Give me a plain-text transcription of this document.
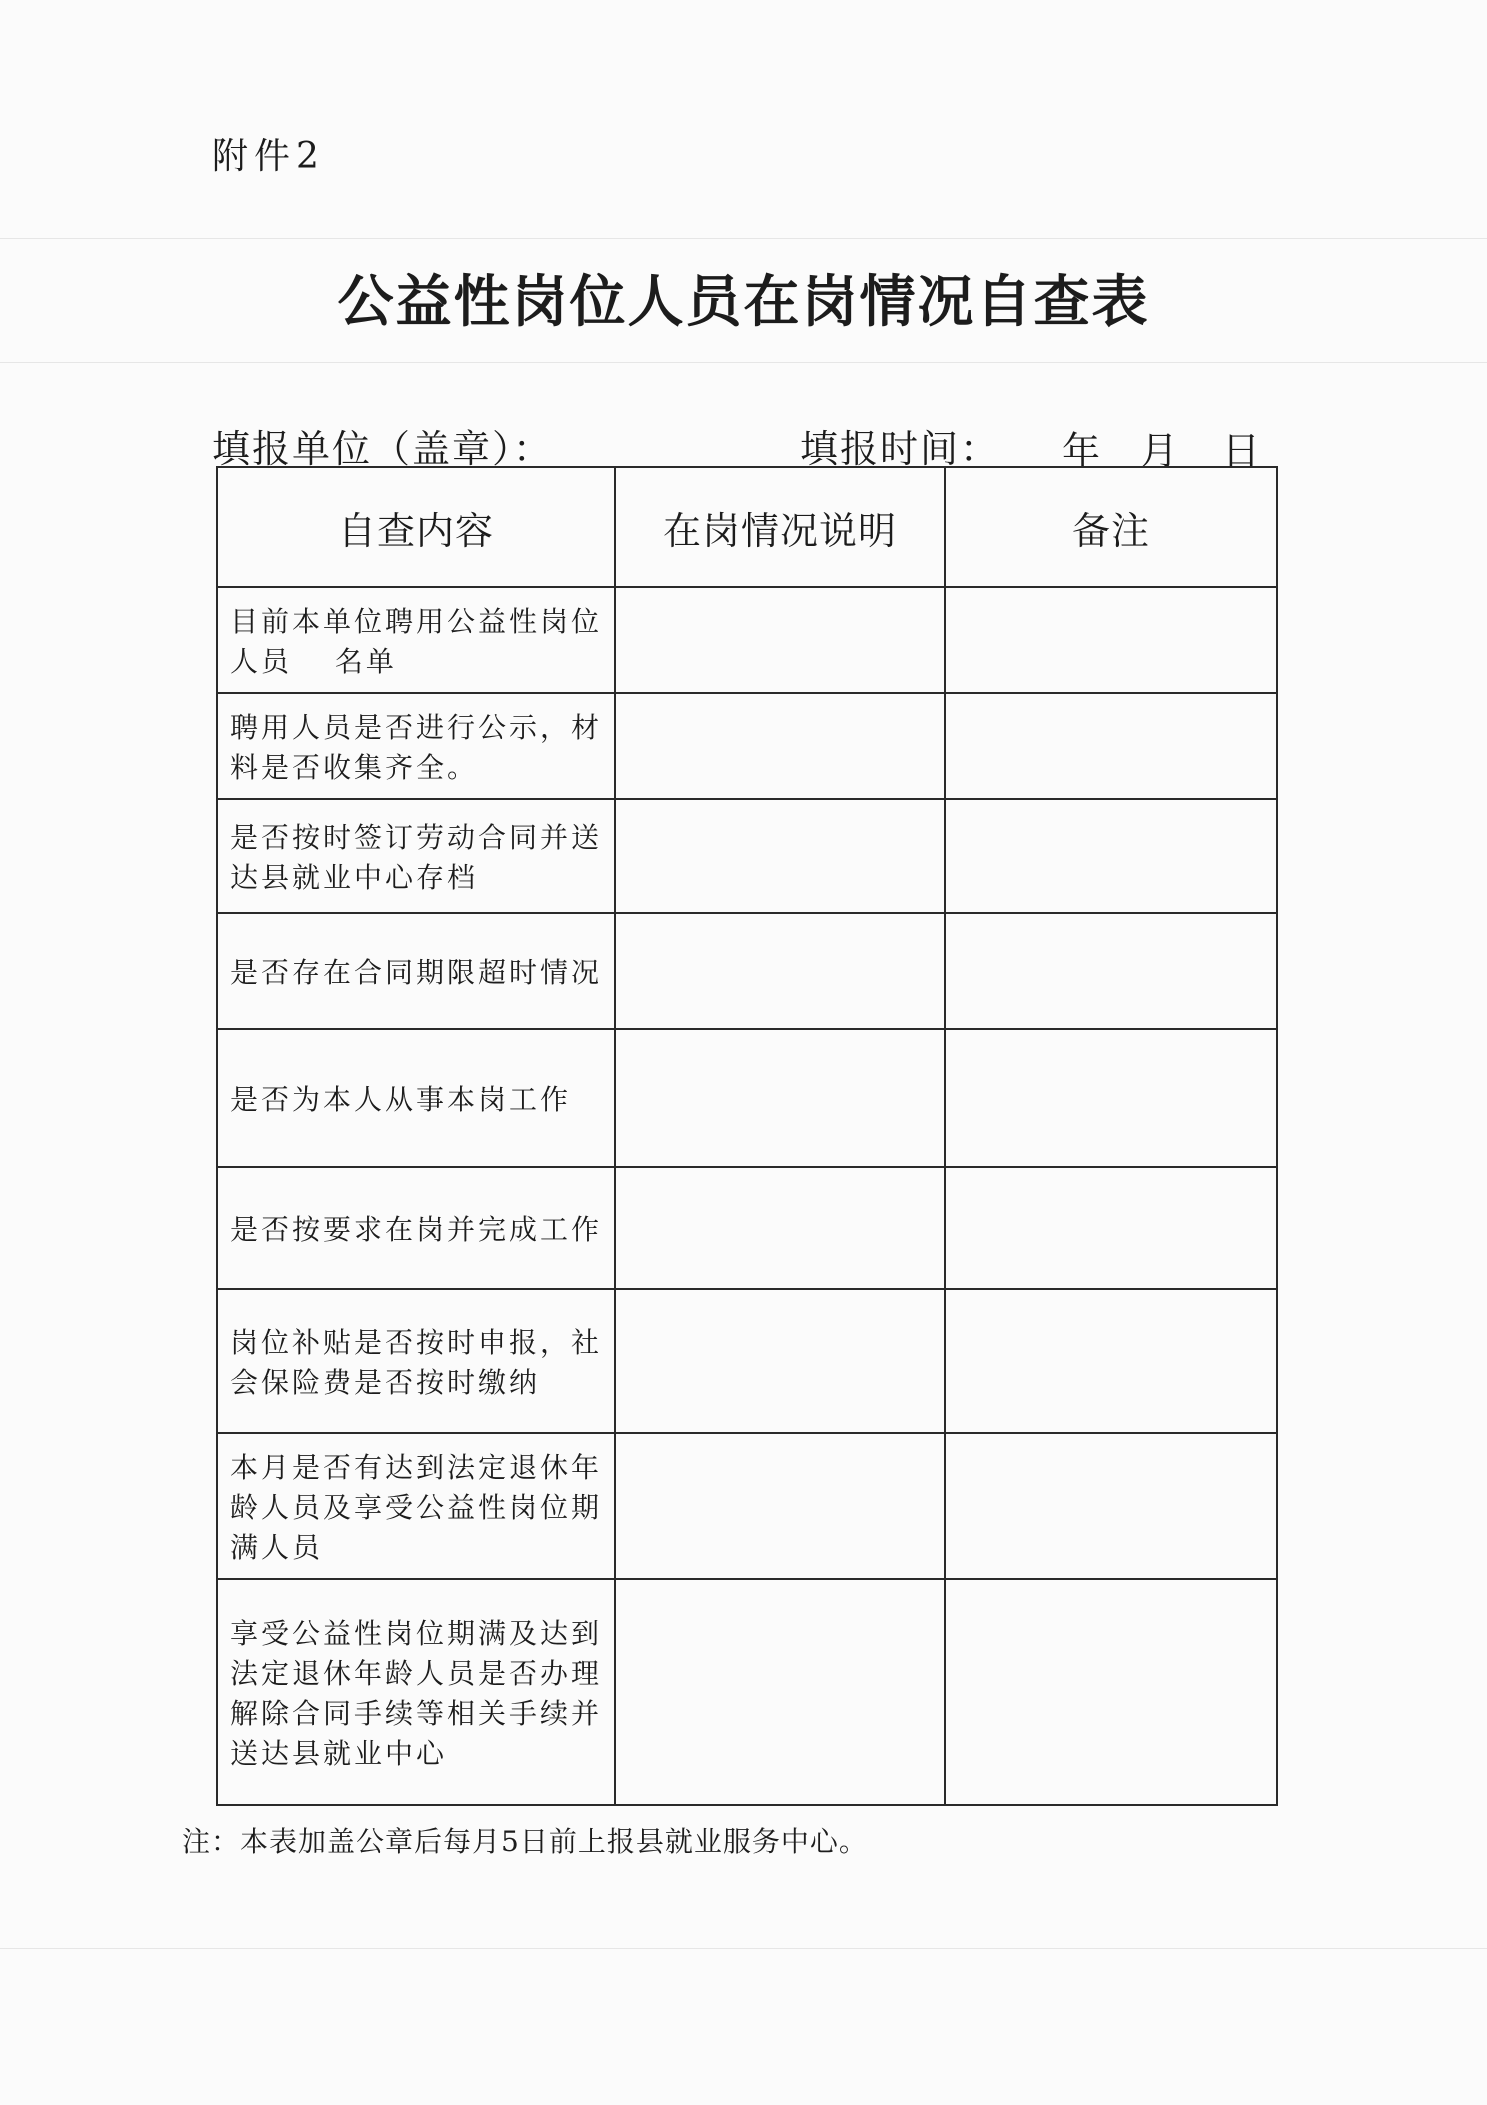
附件2
公益性岗位人员在岗情况自查表
填报单位（盖章）：	填报时间： 年 月 日
自查内容	在岗情况说明	备注
目前本单位聘用公益性岗位人员　 名单		
聘用人员是否进行公示，材料是否收集齐全。		
是否按时签订劳动合同并送达县就业中心存档		
是否存在合同期限超时情况		
是否为本人从事本岗工作		
是否按要求在岗并完成工作		
岗位补贴是否按时申报，社会保险费是否按时缴纳		
本月是否有达到法定退休年龄人员及享受公益性岗位期满人员		
享受公益性岗位期满及达到法定退休年龄人员是否办理解除合同手续等相关手续并送达县就业中心		
注：本表加盖公章后每月5日前上报县就业服务中心。
